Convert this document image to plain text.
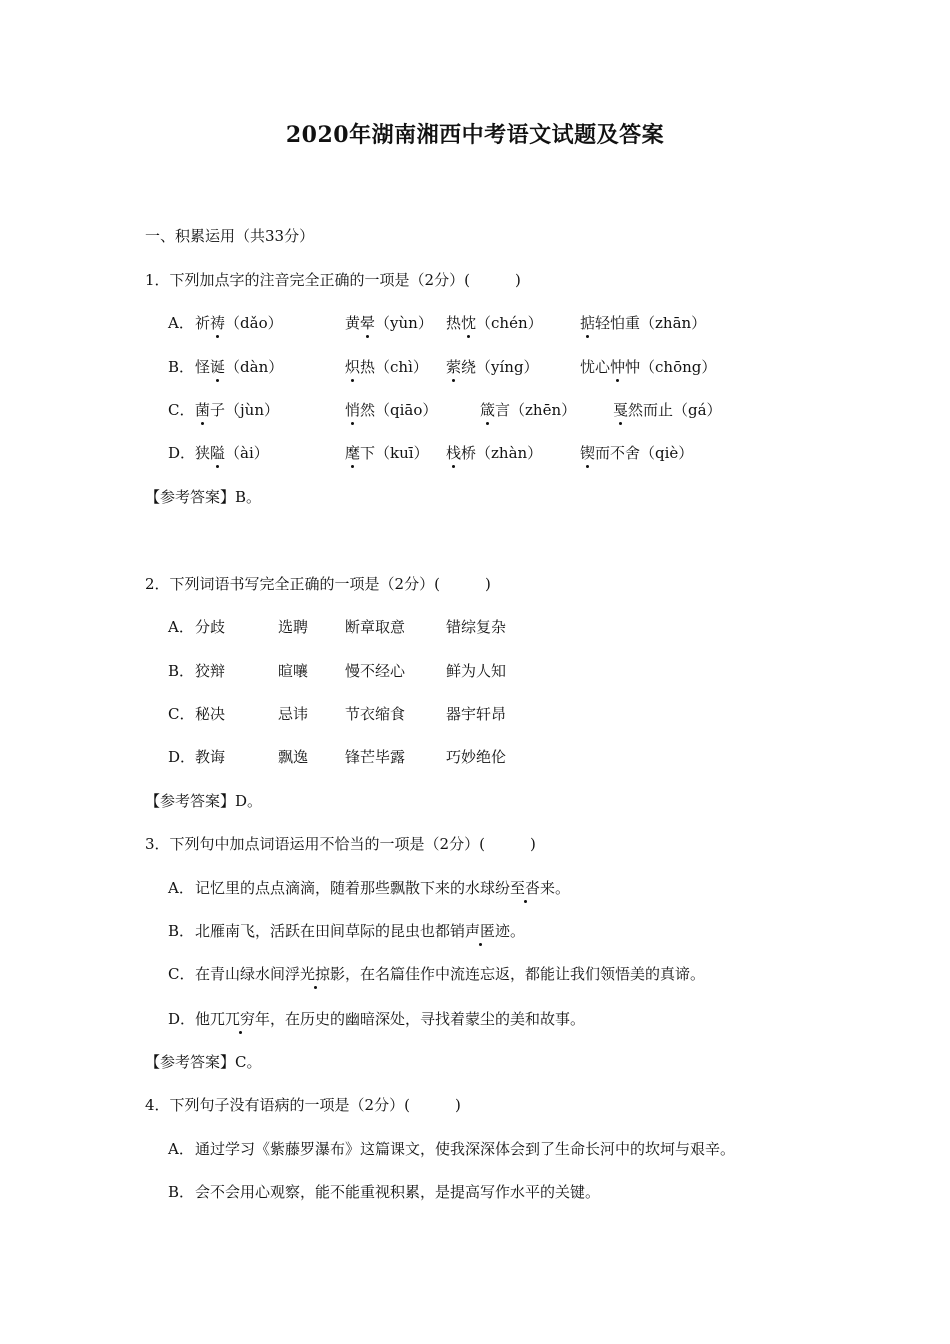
2020年湖南湘西中考语文试题及答案
一、积累运用（共33分）
1．下列加点字的注音完全正确的一项是（2分）(　　　)
A． 祈祷（dǎo）	黄晕（yùn） 热忱（chén） 掂轻怕重（zhān）
B． 怪诞（dàn）	炽热（chì） 萦绕（yíng）	忧心忡忡（chōng）
C． 菌子（jùn）	悄然（qiāo）	箴言（zhēn） 戛然而止（gá）
D． 狭隘（ài）	麾下（kuī） 栈桥（zhàn）	锲而不舍（qiè）
【参考答案】B。
2．下列词语书写完全正确的一项是（2分）(　　　)
A． 分歧	选聘 断章取意	错综复杂
B． 狡辩	暄嚷 慢不经心	鲜为人知
C． 秘决	忌讳 节衣缩食	器宇轩昂
D． 教诲	飘逸 锋芒毕露	巧妙绝伦
【参考答案】D。
3．下列句中加点词语运用不恰当的一项是（2分）(　　　)
A． 记忆里的点点滴滴，随着那些飘散下来的水球纷至沓来。
B． 北雁南飞，活跃在田间草际的昆虫也都销声匿迹。
C． 在青山绿水间浮光掠影，在名篇佳作中流连忘返，都能让我们领悟美的真谛。
D． 他兀兀穷年，在历史的幽暗深处，寻找着蒙尘的美和故事。
【参考答案】C。
4．下列句子没有语病的一项是（2分）(　　　)
A． 通过学习《紫藤罗瀑布》这篇课文，使我深深体会到了生命长河中的坎坷与艰辛。
B． 会不会用心观察，能不能重视积累，是提高写作水平的关键。
